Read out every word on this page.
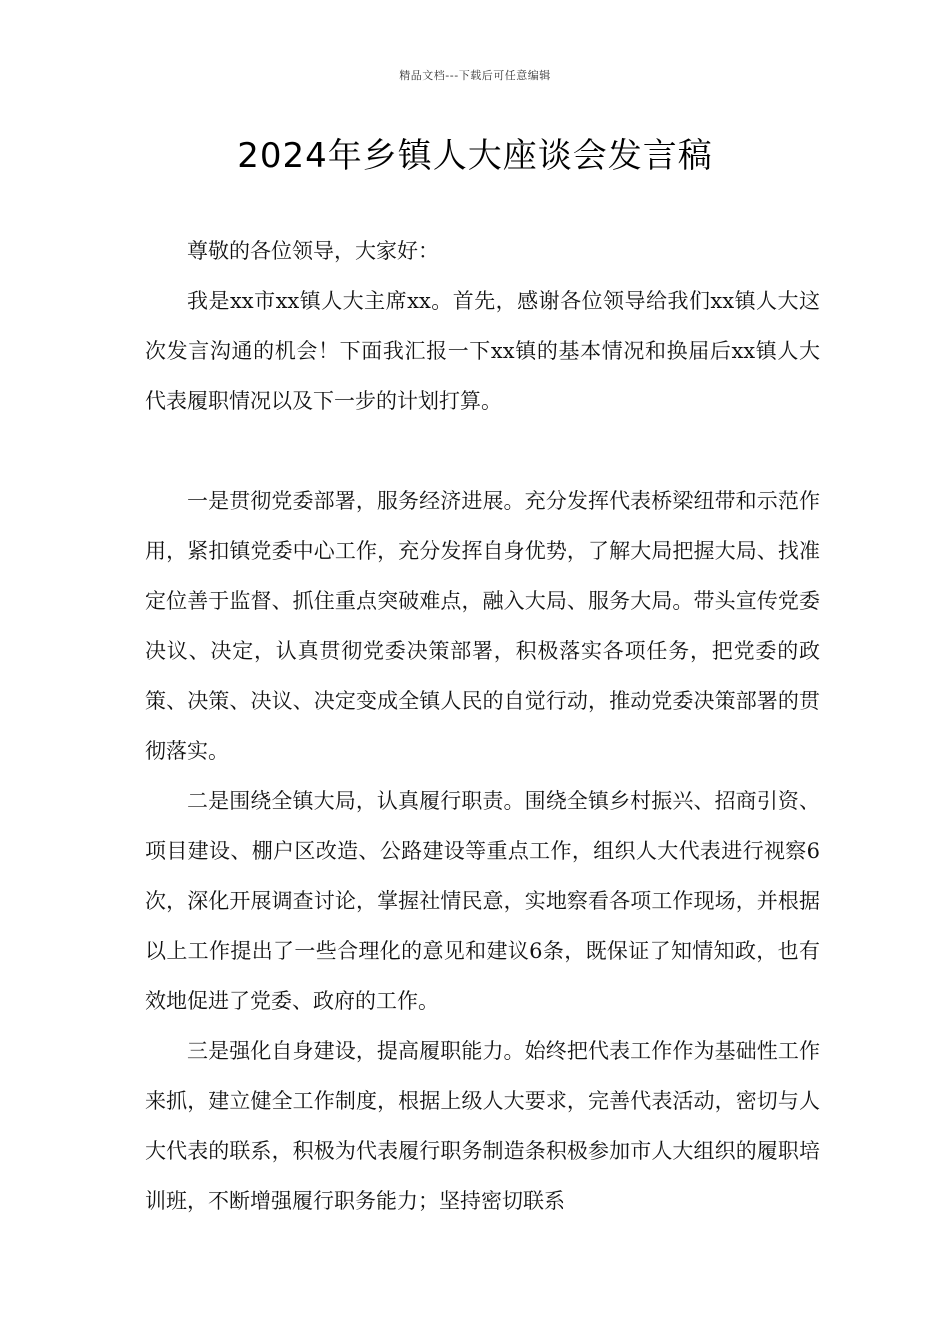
精品文档---下载后可任意编辑
2024年乡镇人大座谈会发言稿

尊敬的各位领导，大家好：

我是xx市xx镇人大主席xx。首先，感谢各位领导给我们xx镇人大这次发言沟通的机会！下面我汇报一下xx镇的基本情况和换届后xx镇人大代表履职情况以及下一步的计划打算。

一是贯彻党委部署，服务经济进展。充分发挥代表桥梁纽带和示范作用，紧扣镇党委中心工作，充分发挥自身优势，了解大局把握大局、找准定位善于监督、抓住重点突破难点，融入大局、服务大局。带头宣传党委决议、决定，认真贯彻党委决策部署，积极落实各项任务，把党委的政策、决策、决议、决定变成全镇人民的自觉行动，推动党委决策部署的贯彻落实。

二是围绕全镇大局，认真履行职责。围绕全镇乡村振兴、招商引资、项目建设、棚户区改造、公路建设等重点工作，组织人大代表进行视察6次，深化开展调查讨论，掌握社情民意，实地察看各项工作现场，并根据以上工作提出了一些合理化的意见和建议6条，既保证了知情知政，也有效地促进了党委、政府的工作。

三是强化自身建设，提高履职能力。始终把代表工作作为基础性工作来抓，建立健全工作制度，根据上级人大要求，完善代表活动，密切与人大代表的联系，积极为代表履行职务制造条积极参加市人大组织的履职培训班，不断增强履行职务能力；坚持密切联系
